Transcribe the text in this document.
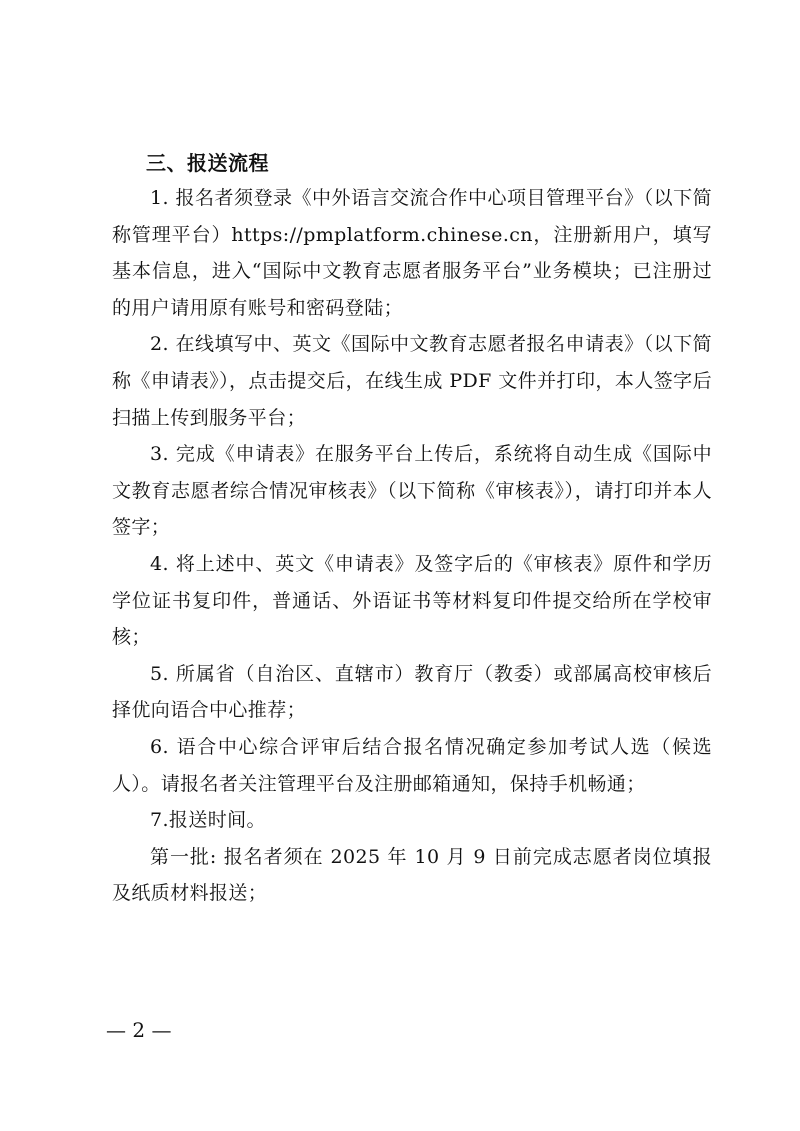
三、报送流程

1. 报名者须登录《中外语言交流合作中心项目管理平台》（以下简称管理平台）https://pmplatform.chinese.cn，注册新用户，填写基本信息，进入“国际中文教育志愿者服务平台”业务模块；已注册过的用户请用原有账号和密码登陆；

2. 在线填写中、英文《国际中文教育志愿者报名申请表》（以下简称《申请表》），点击提交后，在线生成 PDF 文件并打印，本人签字后扫描上传到服务平台；

3. 完成《申请表》在服务平台上传后，系统将自动生成《国际中文教育志愿者综合情况审核表》（以下简称《审核表》），请打印并本人签字；

4. 将上述中、英文《申请表》及签字后的《审核表》原件和学历学位证书复印件，普通话、外语证书等材料复印件提交给所在学校审核；

5. 所属省（自治区、直辖市）教育厅（教委）或部属高校审核后择优向语合中心推荐；

6. 语合中心综合评审后结合报名情况确定参加考试人选（候选人）。请报名者关注管理平台及注册邮箱通知，保持手机畅通；

7.报送时间。

第一批: 报名者须在 2025 年 10 月 9 日前完成志愿者岗位填报及纸质材料报送；

— 2 —
